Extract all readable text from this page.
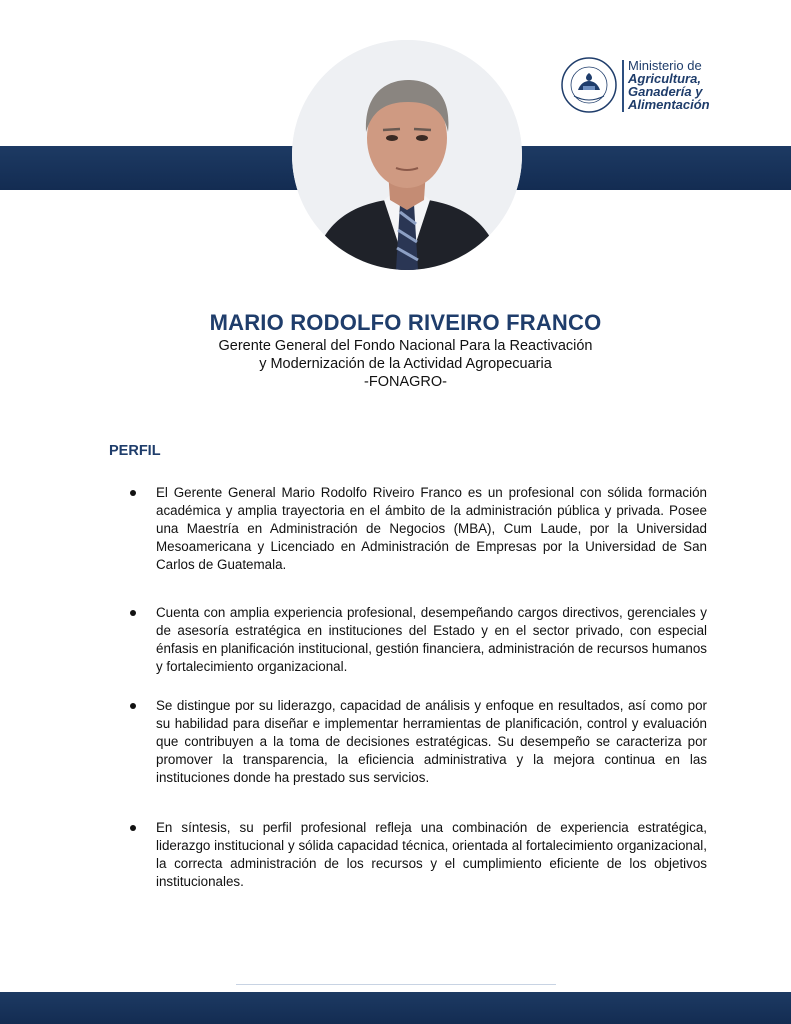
Ministerio de
Agricultura,
Ganadería y
Alimentación
MARIO RODOLFO RIVEIRO FRANCO
Gerente General del Fondo Nacional Para la Reactivación
y Modernización de la Actividad Agropecuaria
-FONAGRO-
PERFIL
El Gerente General Mario Rodolfo Riveiro Franco es un profesional con sólida formación académica y amplia trayectoria en el ámbito de la administración pública y privada. Posee una Maestría en Administración de Negocios (MBA), Cum Laude, por la Universidad Mesoamericana y Licenciado en Administración de Empresas por la Universidad de San Carlos de Guatemala.
Cuenta con amplia experiencia profesional, desempeñando cargos directivos, gerenciales y de asesoría estratégica en instituciones del Estado y en el sector privado, con especial énfasis en planificación institucional, gestión financiera, administración de recursos humanos y fortalecimiento organizacional.
Se distingue por su liderazgo, capacidad de análisis y enfoque en resultados, así como por su habilidad para diseñar e implementar herramientas de planificación, control y evaluación que contribuyen a la toma de decisiones estratégicas. Su desempeño se caracteriza por promover la transparencia, la eficiencia administrativa y la mejora continua en las instituciones donde ha prestado sus servicios.
En síntesis, su perfil profesional refleja una combinación de experiencia estratégica, liderazgo institucional y sólida capacidad técnica, orientada al fortalecimiento organizacional, la correcta administración de los recursos y el cumplimiento eficiente de los objetivos institucionales.
